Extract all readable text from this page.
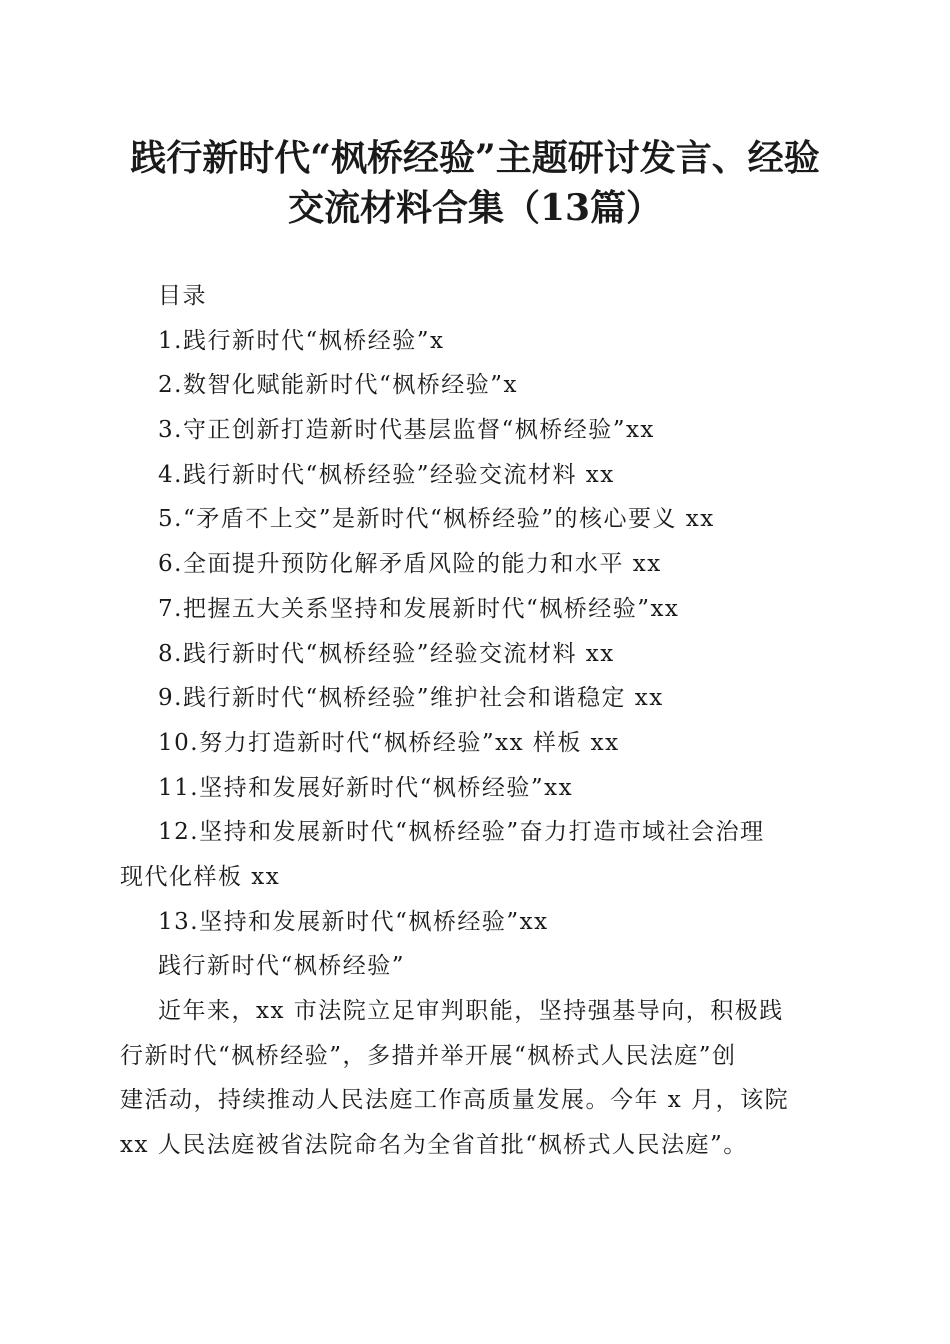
践行新时代“枫桥经验”主题研讨发言、经验
交流材料合集（13篇）
目录
1.践行新时代“枫桥经验”x
2.数智化赋能新时代“枫桥经验”x
3.守正创新打造新时代基层监督“枫桥经验”xx
4.践行新时代“枫桥经验”经验交流材料 xx
5.“矛盾不上交”是新时代“枫桥经验”的核心要义 xx
6.全面提升预防化解矛盾风险的能力和水平 xx
7.把握五大关系坚持和发展新时代“枫桥经验”xx
8.践行新时代“枫桥经验”经验交流材料 xx
9.践行新时代“枫桥经验”维护社会和谐稳定 xx
10.努力打造新时代“枫桥经验”xx 样板 xx
11.坚持和发展好新时代“枫桥经验”xx
12.坚持和发展新时代“枫桥经验”奋力打造市域社会治理
现代化样板 xx
13.坚持和发展新时代“枫桥经验”xx
践行新时代“枫桥经验”
近年来，xx 市法院立足审判职能，坚持强基导向，积极践
行新时代“枫桥经验”，多措并举开展“枫桥式人民法庭”创
建活动，持续推动人民法庭工作高质量发展。今年 x 月，该院
xx 人民法庭被省法院命名为全省首批“枫桥式人民法庭”。
